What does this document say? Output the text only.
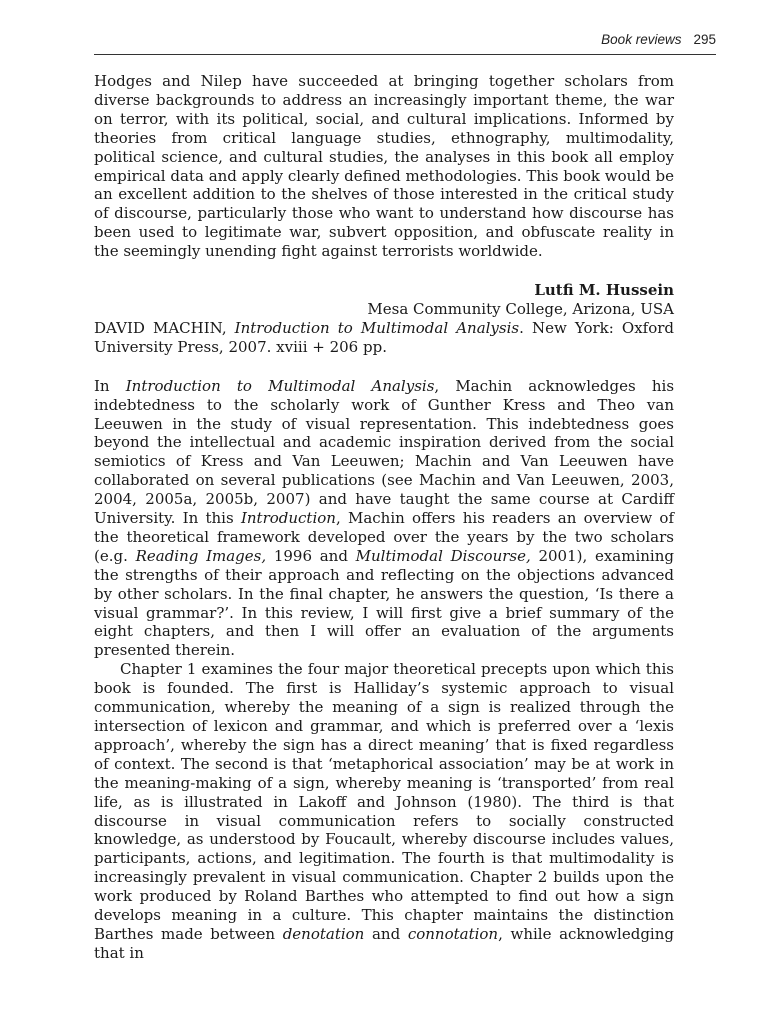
Book reviews 295

Hodges and Nilep have succeeded at bringing together scholars from diverse backgrounds to address an increasingly important theme, the war on terror, with its political, social, and cultural implications. Informed by theories from critical language studies, ethnography, multimodality, political science, and cultural studies, the analyses in this book all employ empirical data and apply clearly defined methodologies. This book would be an excellent addition to the shelves of those interested in the critical study of discourse, particularly those who want to understand how discourse has been used to legitimate war, subvert opposition, and obfuscate reality in the seemingly unending fight against terrorists worldwide.

Lutfi M. Hussein
Mesa Community College, Arizona, USA

DAVID MACHIN, Introduction to Multimodal Analysis. New York: Oxford University Press, 2007. xviii + 206 pp.

In Introduction to Multimodal Analysis, Machin acknowledges his indebtedness to the scholarly work of Gunther Kress and Theo van Leeuwen in the study of visual representation. This indebtedness goes beyond the intellectual and academic inspiration derived from the social semiotics of Kress and Van Leeuwen; Machin and Van Leeuwen have collaborated on several publications (see Machin and Van Leeuwen, 2003, 2004, 2005a, 2005b, 2007) and have taught the same course at Cardiff University. In this Introduction, Machin offers his readers an overview of the theoretical framework developed over the years by the two scholars (e.g. Reading Images, 1996 and Multimodal Discourse, 2001), examining the strengths of their approach and reflecting on the objections advanced by other scholars. In the final chapter, he answers the question, ‘Is there a visual grammar?’. In this review, I will first give a brief summary of the eight chapters, and then I will offer an evaluation of the arguments presented therein.

Chapter 1 examines the four major theoretical precepts upon which this book is founded. The first is Halliday’s systemic approach to visual communication, whereby the meaning of a sign is realized through the intersection of lexicon and grammar, and which is preferred over a ‘lexis approach’, whereby the sign has a direct meaning’ that is fixed regardless of context. The second is that ‘metaphorical association’ may be at work in the meaning-making of a sign, whereby meaning is ‘transported’ from real life, as is illustrated in Lakoff and Johnson (1980). The third is that discourse in visual communication refers to socially constructed knowledge, as understood by Foucault, whereby discourse includes values, participants, actions, and legitimation. The fourth is that multimodality is increasingly prevalent in visual communication. Chapter 2 builds upon the work produced by Roland Barthes who attempted to find out how a sign develops meaning in a culture. This chapter maintains the distinction Barthes made between denotation and connotation, while acknowledging that in
